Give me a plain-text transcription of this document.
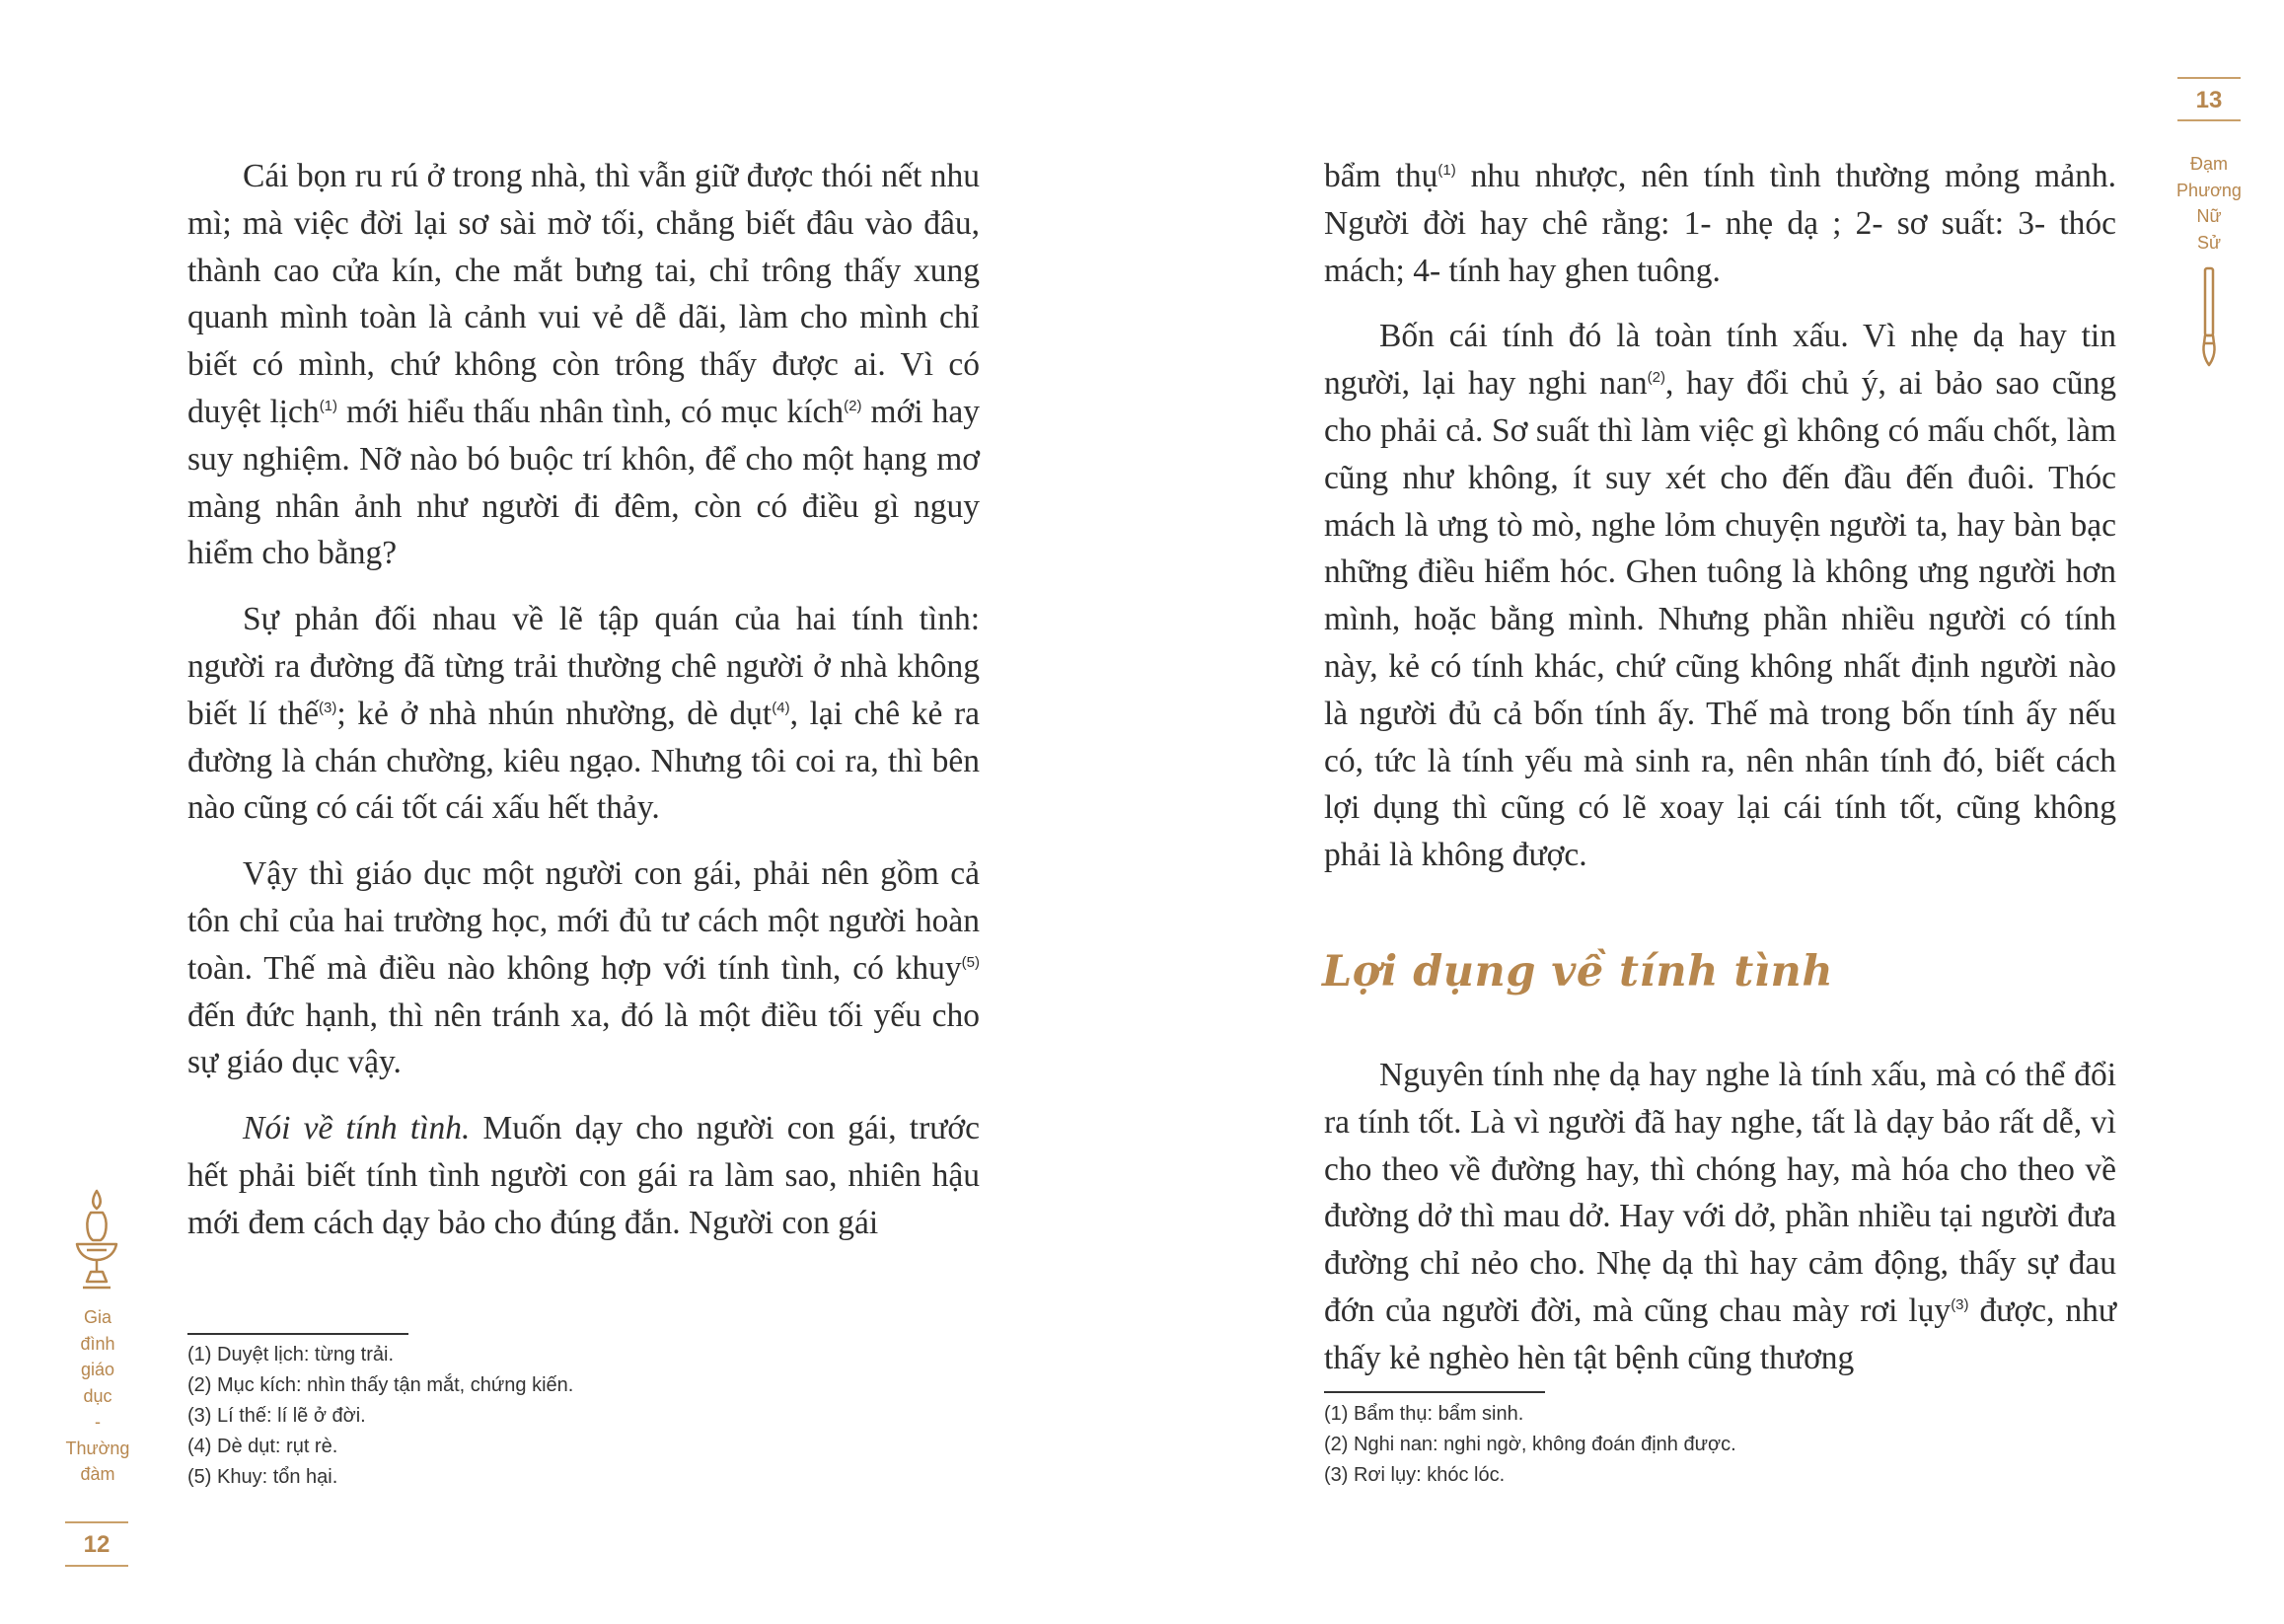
Cái bọn ru rú ở trong nhà, thì vẫn giữ được thói nết nhu mì; mà việc đời lại sơ sài mờ tối, chẳng biết đâu vào đâu, thành cao cửa kín, che mắt bưng tai, chỉ trông thấy xung quanh mình toàn là cảnh vui vẻ dễ dãi, làm cho mình chỉ biết có mình, chứ không còn trông thấy được ai. Vì có duyệt lịch$^{(1)}$ mới hiểu thấu nhân tình, có mục kích$^{(2)}$ mới hay suy nghiệm. Nỡ nào bó buộc trí khôn, để cho một hạng mơ màng nhân ảnh như người đi đêm, còn có điều gì nguy hiểm cho bằng?

Sự phản đối nhau về lẽ tập quán của hai tính tình: người ra đường đã từng trải thường chê người ở nhà không biết lí thế$^{(3)}$; kẻ ở nhà nhún nhường, dè dụt$^{(4)}$, lại chê kẻ ra đường là chán chường, kiêu ngạo. Nhưng tôi coi ra, thì bên nào cũng có cái tốt cái xấu hết thảy.

Vậy thì giáo dục một người con gái, phải nên gồm cả tôn chỉ của hai trường học, mới đủ tư cách một người hoàn toàn. Thế mà điều nào không hợp với tính tình, có khuy$^{(5)}$ đến đức hạnh, thì nên tránh xa, đó là một điều tối yếu cho sự giáo dục vậy.

Nói về tính tình. Muốn dạy cho người con gái, trước hết phải biết tính tình người con gái ra làm sao, nhiên hậu mới đem cách dạy bảo cho đúng đắn. Người con gái

(1) Duyệt lịch: từng trải.
(2) Mục kích: nhìn thấy tận mắt, chứng kiến.
(3) Lí thế: lí lẽ ở đời.
(4) Dè dụt: rụt rè.
(5) Khuy: tổn hại.
Gia
đình
giáo
dục
-
Thường
đàm
12

bẩm thụ$^{(1)}$ nhu nhược, nên tính tình thường mỏng mảnh. Người đời hay chê rằng: 1- nhẹ dạ ; 2- sơ suất: 3- thóc mách; 4- tính hay ghen tuông.

Bốn cái tính đó là toàn tính xấu. Vì nhẹ dạ hay tin người, lại hay nghi nan$^{(2)}$, hay đổi chủ ý, ai bảo sao cũng cho phải cả. Sơ suất thì làm việc gì không có mấu chốt, làm cũng như không, ít suy xét cho đến đầu đến đuôi. Thóc mách là ưng tò mò, nghe lỏm chuyện người ta, hay bàn bạc những điều hiểm hóc. Ghen tuông là không ưng người hơn mình, hoặc bằng mình. Nhưng phần nhiều người có tính này, kẻ có tính khác, chứ cũng không nhất định người nào là người đủ cả bốn tính ấy. Thế mà trong bốn tính ấy nếu có, tức là tính yếu mà sinh ra, nên nhân tính đó, biết cách lợi dụng thì cũng có lẽ xoay lại cái tính tốt, cũng không phải là không được.

Lợi dụng về tính tình

Nguyên tính nhẹ dạ hay nghe là tính xấu, mà có thể đổi ra tính tốt. Là vì người đã hay nghe, tất là dạy bảo rất dễ, vì cho theo về đường hay, thì chóng hay, mà hóa cho theo về đường dở thì mau dở. Hay với dở, phần nhiều tại người đưa đường chỉ nẻo cho. Nhẹ dạ thì hay cảm động, thấy sự đau đớn của người đời, mà cũng chau mày rơi lụy$^{(3)}$ được, như thấy kẻ nghèo hèn tật bệnh cũng thương

(1) Bẩm thụ: bẩm sinh.
(2) Nghi nan: nghi ngờ, không đoán định được.
(3) Rơi lụy: khóc lóc.
13
Đạm
Phương
Nữ
Sử
